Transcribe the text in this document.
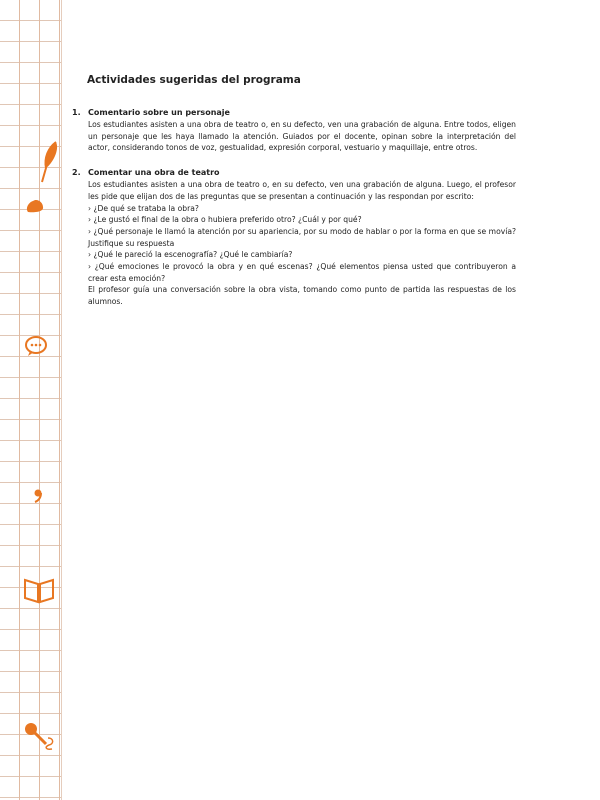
Actividades sugeridas del programa
1. Comentario sobre un personaje

Los estudiantes asisten a una obra de teatro o, en su defecto, ven una grabación de alguna. Entre todos, eligen un personaje que les haya llamado la atención. Guiados por el docente, opinan sobre la interpretación del actor, considerando tonos de voz, gestualidad, expresión corporal, vestuario y maquillaje, entre otros.

2. Comentar una obra de teatro

Los estudiantes asisten a una obra de teatro o, en su defecto, ven una grabación de alguna. Luego, el profesor les pide que elijan dos de las preguntas que se presentan a continuación y las respondan por escrito:

› ¿De qué se trataba la obra?

› ¿Le gustó el final de la obra o hubiera preferido otro? ¿Cuál y por qué?

› ¿Qué personaje le llamó la atención por su apariencia, por su modo de hablar o por la forma en que se movía? Justifique su respuesta

› ¿Qué le pareció la escenografía? ¿Qué le cambiaría?

› ¿Qué emociones le provocó la obra y en qué escenas? ¿Qué elementos piensa usted que contribuyeron a crear esta emoción?

El profesor guía una conversación sobre la obra vista, tomando como punto de partida las respuestas de los alumnos.
